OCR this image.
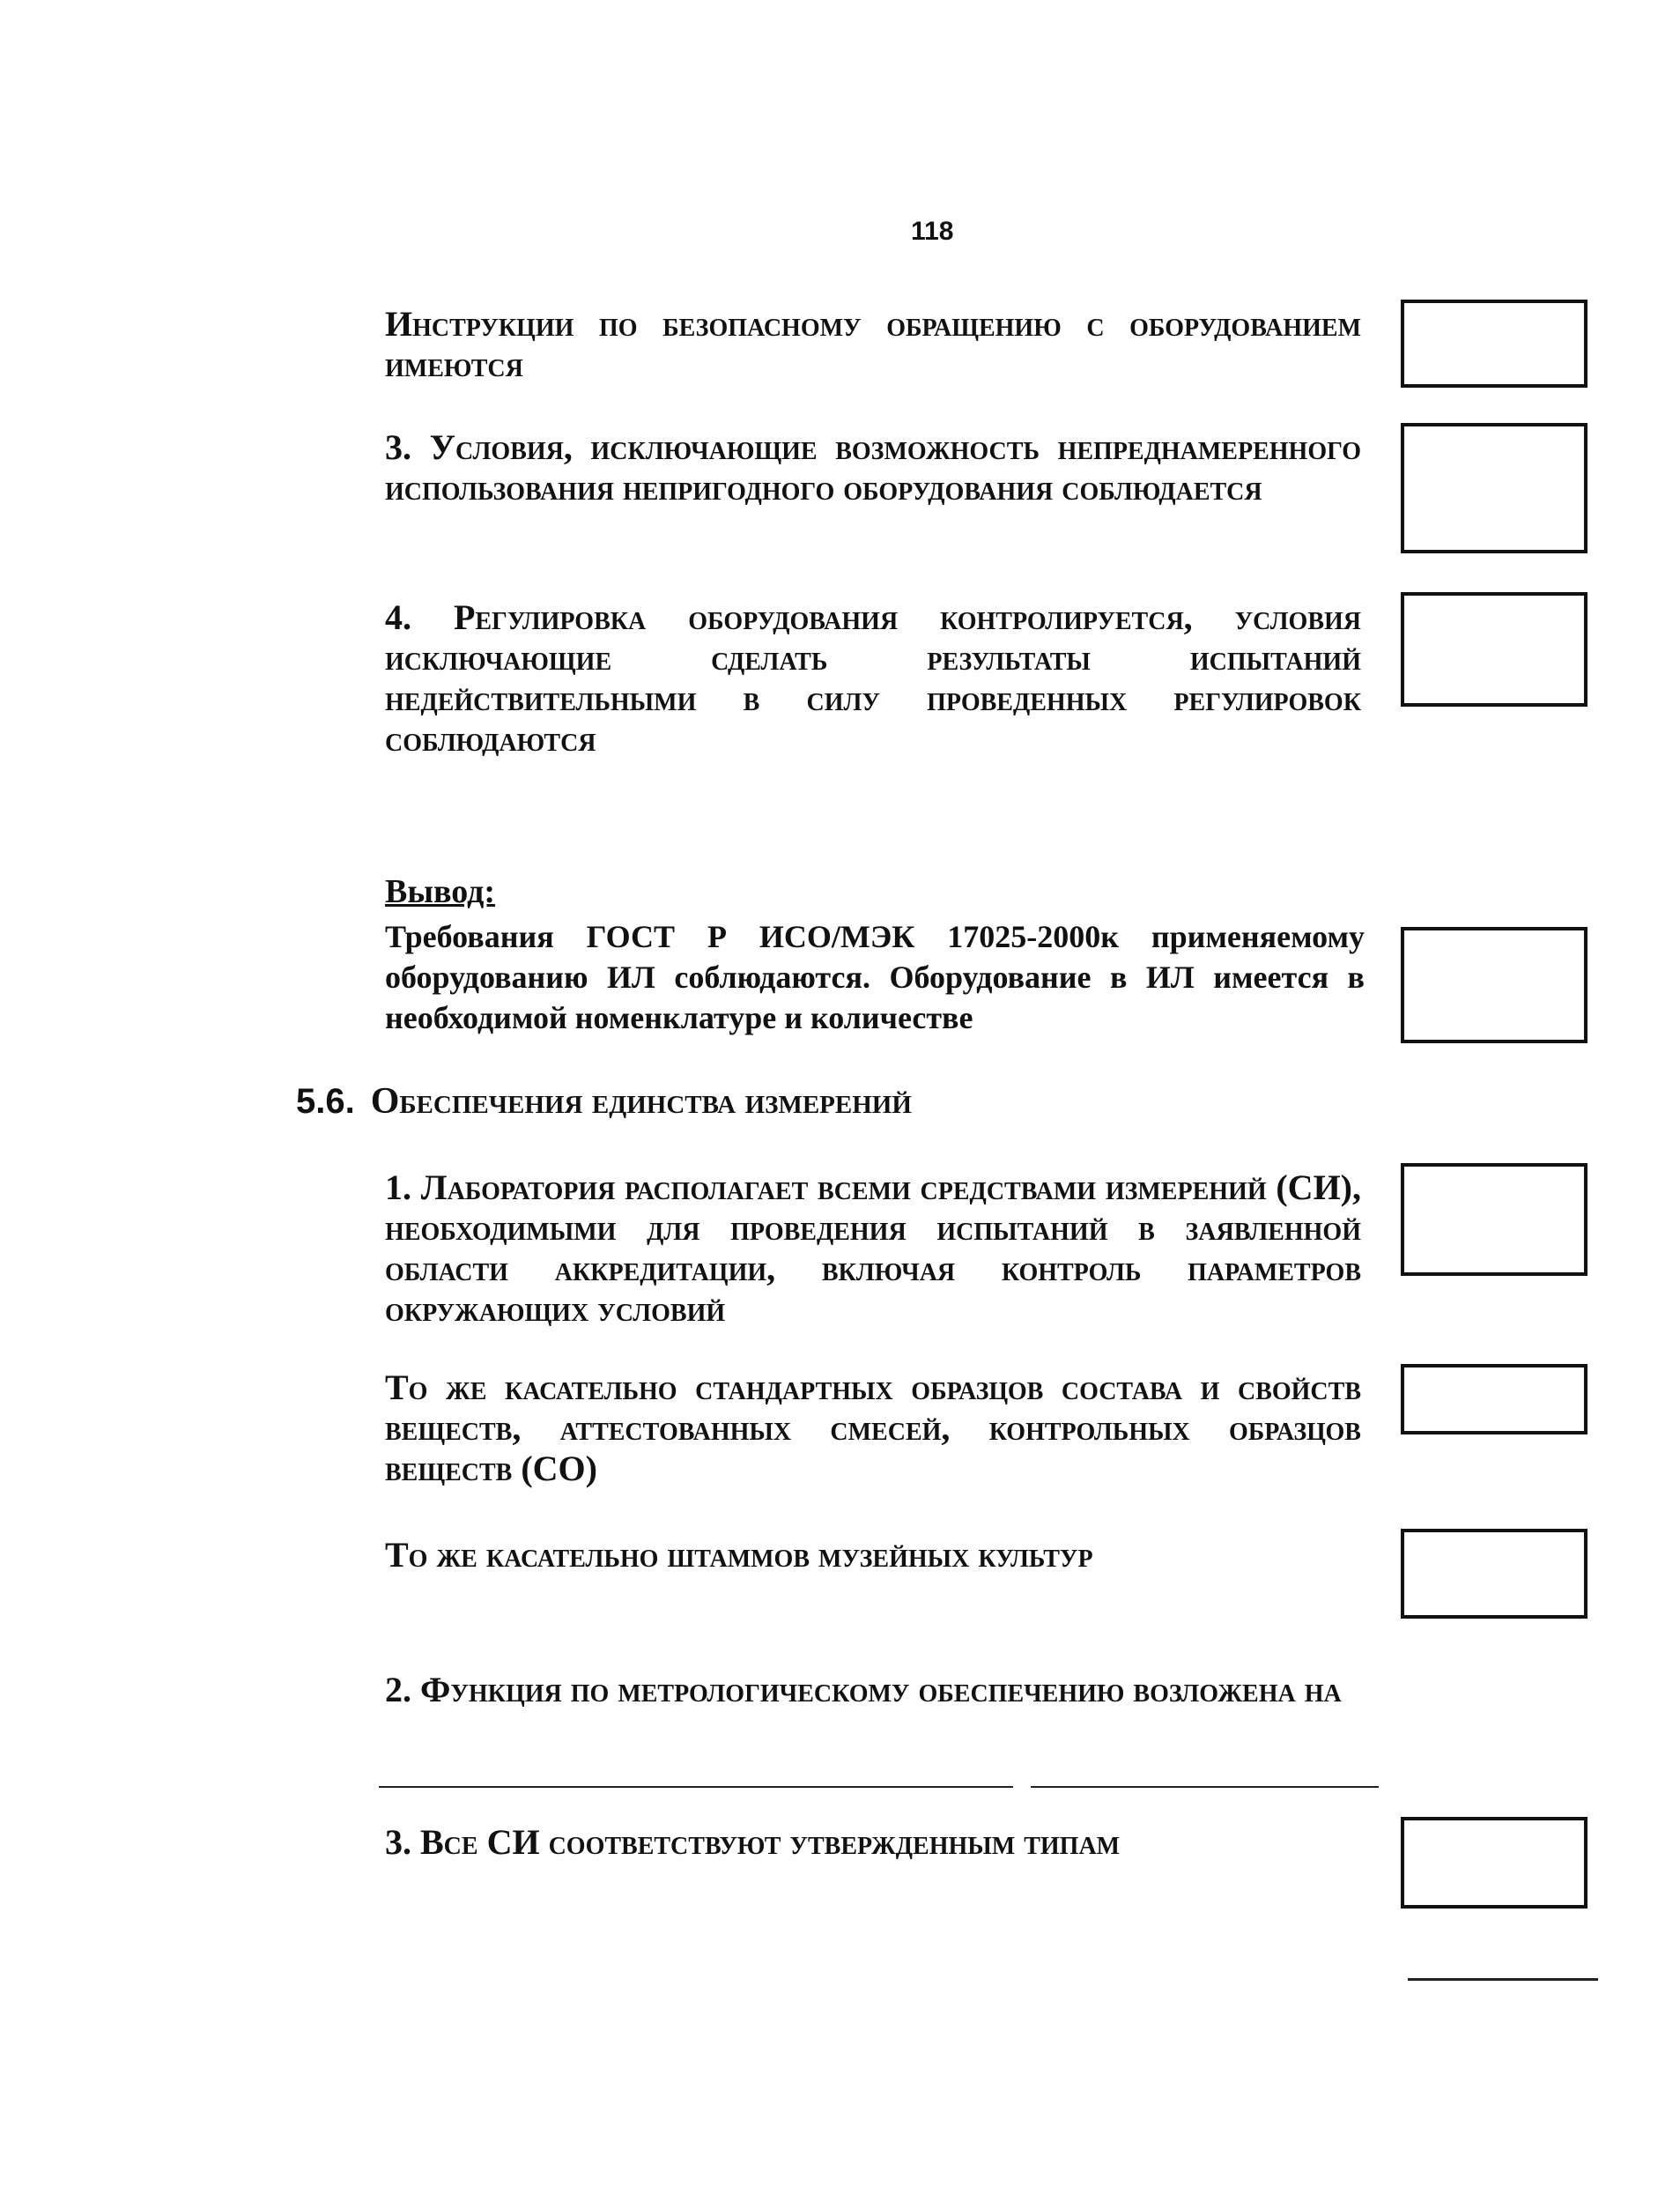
118
Инструкции по безопасному обращению с оборудованием имеются
3. Условия, исключающие возможность непреднамеренного использования непригодного оборудования соблюдается
4. Регулировка оборудования контролируется, условия исключающие сделать результаты испытаний недействительными в силу проведенных регулировок соблюдаются
Вывод:
Требования ГОСТ Р ИСО/МЭК 17025-2000к применяемому оборудованию ИЛ соблюдаются. Оборудование в ИЛ имеется в необходимой номенклатуре и количестве
5.6. Обеспечения единства измерений
1. Лаборатория располагает всеми средствами измерений (СИ), необходимыми для проведения испытаний в заявленной области аккредитации, включая контроль параметров окружающих условий
То же касательно стандартных образцов состава и свойств веществ, аттестованных смесей, контрольных образцов веществ (СО)
То же касательно штаммов музейных культур
2. Функция по метрологическому обеспечению возложена на
3. Все СИ соответствуют утвержденным типам
